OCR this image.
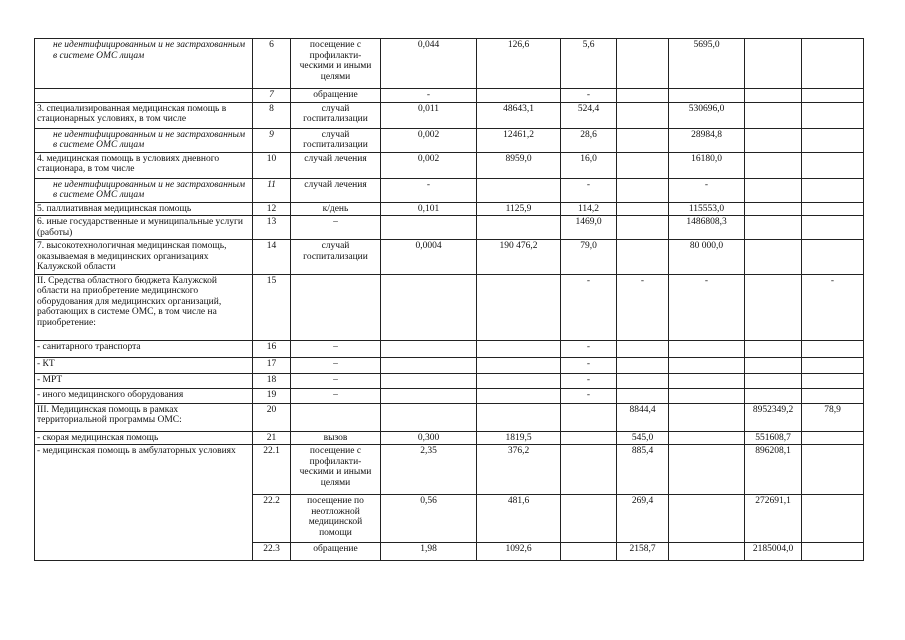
не идентифицированным и не застрахованным в системе ОМС лицам	6	посещение с профилакти-ческими и иными целями	0,044	126,6	5,6		5695,0		
	7	обращение	-		-				
3. специализированная медицинская помощь в стационарных условиях, в том числе	8	случай госпитализации	0,011	48643,1	524,4		530696,0		

не идентифицированным и не застрахованным в системе ОМС лицам	9	случай госпитализации	0,002	12461,2	28,6		28984,8		
4. медицинская помощь в условиях дневного стационара, в том числе	10	случай лечения	0,002	8959,0	16,0		16180,0		

не идентифицированным и не застрахованным в системе ОМС лицам	11	случай лечения	-		-		-		
5. паллиативная медицинская помощь	12	к/день	0,101	1125,9	114,2		115553,0		
6. иные государственные и муниципальные услуги (работы)	13	–			1469,0		1486808,3		
7. высокотехнологичная медицинская помощь, оказываемая в медицинских организациях Калужской области	14	случай госпитализации	0,0004	190 476,2	79,0		80 000,0		
II. Средства областного бюджета Калужской области на приобретение медицинского оборудования для медицинских организаций, работающих в системе ОМС, в том числе на приобретение:	15				-	-	-		-
- санитарного транспорта	16	–			-				
- КТ	17	–			-				
- МРТ	18	–			-				
- иного медицинского оборудования	19	–			-				
III. Медицинская помощь в рамках территориальной программы ОМС:	20					8844,4		8952349,2	78,9
- скорая медицинская помощь	21	вызов	0,300	1819,5		545,0		551608,7	
- медицинская помощь в амбулаторных условиях	22.1	посещение с профилакти-ческими и иными целями	2,35	376,2		885,4		896208,1	
	22.2	посещение по неотложной медицинской помощи	0,56	481,6		269,4		272691,1	
	22.3	обращение	1,98	1092,6		2158,7		2185004,0	
